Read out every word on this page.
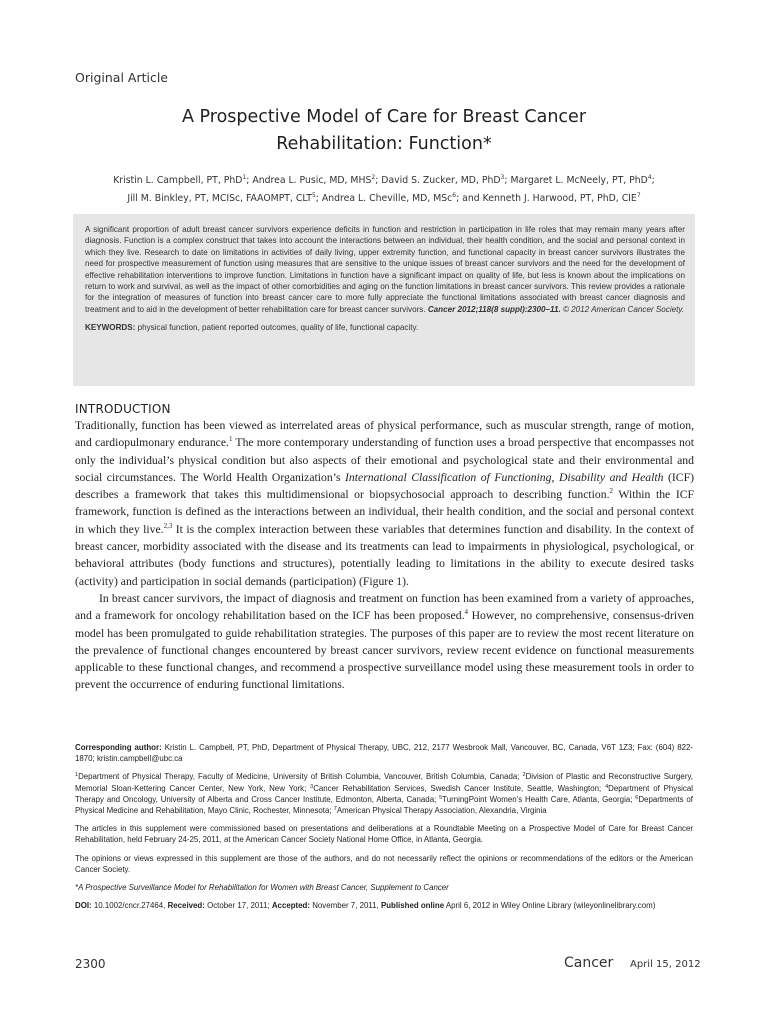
Original Article
A Prospective Model of Care for Breast Cancer
Rehabilitation: Function*
Kristin L. Campbell, PT, PhD$^1$; Andrea L. Pusic, MD, MHS$^2$; David S. Zucker, MD, PhD$^3$; Margaret L. McNeely, PT, PhD$^4$;
Jill M. Binkley, PT, MCISc, FAAOMPT, CLT$^5$; Andrea L. Cheville, MD, MSc$^6$; and Kenneth J. Harwood, PT, PhD, CIE$^7$
A significant proportion of adult breast cancer survivors experience deficits in function and restriction in participation in life roles that may remain many years after diagnosis. Function is a complex construct that takes into account the interactions between an individual, their health condition, and the social and personal context in which they live. Research to date on limitations in activities of daily living, upper extremity function, and functional capacity in breast cancer survivors illustrates the need for prospective measurement of function using measures that are sensitive to the unique issues of breast cancer survivors and the need for the development of effective rehabilitation interventions to improve function. Limitations in function have a significant impact on quality of life, but less is known about the implications on return to work and survival, as well as the impact of other comorbidities and aging on the function limitations in breast cancer survivors. This review provides a rationale for the integration of measures of function into breast cancer care to more fully appreciate the functional limitations associated with breast cancer diagnosis and treatment and to aid in the development of better rehabilitation care for breast cancer survivors. Cancer 2012;118(8 suppl):2300–11. © 2012 American Cancer Society.
KEYWORDS: physical function, patient reported outcomes, quality of life, functional capacity.
INTRODUCTION

Traditionally, function has been viewed as interrelated areas of physical performance, such as muscular strength, range of motion, and cardiopulmonary endurance.$^1$ The more contemporary understanding of function uses a broad perspective that encompasses not only the individual’s physical condition but also aspects of their emotional and psychological state and their environmental and social circumstances. The World Health Organization’s International Classification of Functioning, Disability and Health (ICF) describes a framework that takes this multidimensional or biopsychosocial approach to describing function.$^2$ Within the ICF framework, function is defined as the interactions between an individual, their health condition, and the social and personal context in which they live.$^{2,3}$ It is the complex interaction between these variables that determines function and disability. In the context of breast cancer, morbidity associated with the disease and its treatments can lead to impairments in physiological, psychological, or behavioral attributes (body functions and structures), potentially leading to limitations in the ability to execute desired tasks (activity) and participation in social demands (participation) (Figure 1).

In breast cancer survivors, the impact of diagnosis and treatment on function has been examined from a variety of approaches, and a framework for oncology rehabilitation based on the ICF has been proposed.$^4$ However, no comprehensive, consensus-driven model has been promulgated to guide rehabilitation strategies. The purposes of this paper are to review the most recent literature on the prevalence of functional changes encountered by breast cancer survivors, review recent evidence on functional measurements applicable to these functional changes, and recommend a prospective surveillance model using these measurement tools in order to prevent the occurrence of enduring functional limitations.

Corresponding author: Kristin L. Campbell, PT, PhD, Department of Physical Therapy, UBC, 212, 2177 Wesbrook Mall, Vancouver, BC, Canada, V6T 1Z3; Fax: (604) 822-1870; kristin.campbell@ubc.ca

$^1$Department of Physical Therapy, Faculty of Medicine, University of British Columbia, Vancouver, British Columbia, Canada; $^2$Division of Plastic and Reconstructive Surgery, Memorial Sloan-Kettering Cancer Center, New York, New York; $^3$Cancer Rehabilitation Services, Swedish Cancer Institute, Seattle, Washington; $^4$Department of Physical Therapy and Oncology, University of Alberta and Cross Cancer Institute, Edmonton, Alberta, Canada; $^5$TurningPoint Women’s Health Care, Atlanta, Georgia; $^6$Departments of Physical Medicine and Rehabilitation, Mayo Clinic, Rochester, Minnesota; $^7$American Physical Therapy Association, Alexandria, Virginia

The articles in this supplement were commissioned based on presentations and deliberations at a Roundtable Meeting on a Prospective Model of Care for Breast Cancer Rehabilitation, held February 24-25, 2011, at the American Cancer Society National Home Office, in Atlanta, Georgia.

The opinions or views expressed in this supplement are those of the authors, and do not necessarily reflect the opinions or recommendations of the editors or the American Cancer Society.

*A Prospective Surveillance Model for Rehabilitation for Women with Breast Cancer, Supplement to Cancer

DOI: 10.1002/cncr.27464, Received: October 17, 2011; Accepted: November 7, 2011, Published online April 6, 2012 in Wiley Online Library (wileyonlinelibrary.com)

2300	Cancer April 15, 2012
